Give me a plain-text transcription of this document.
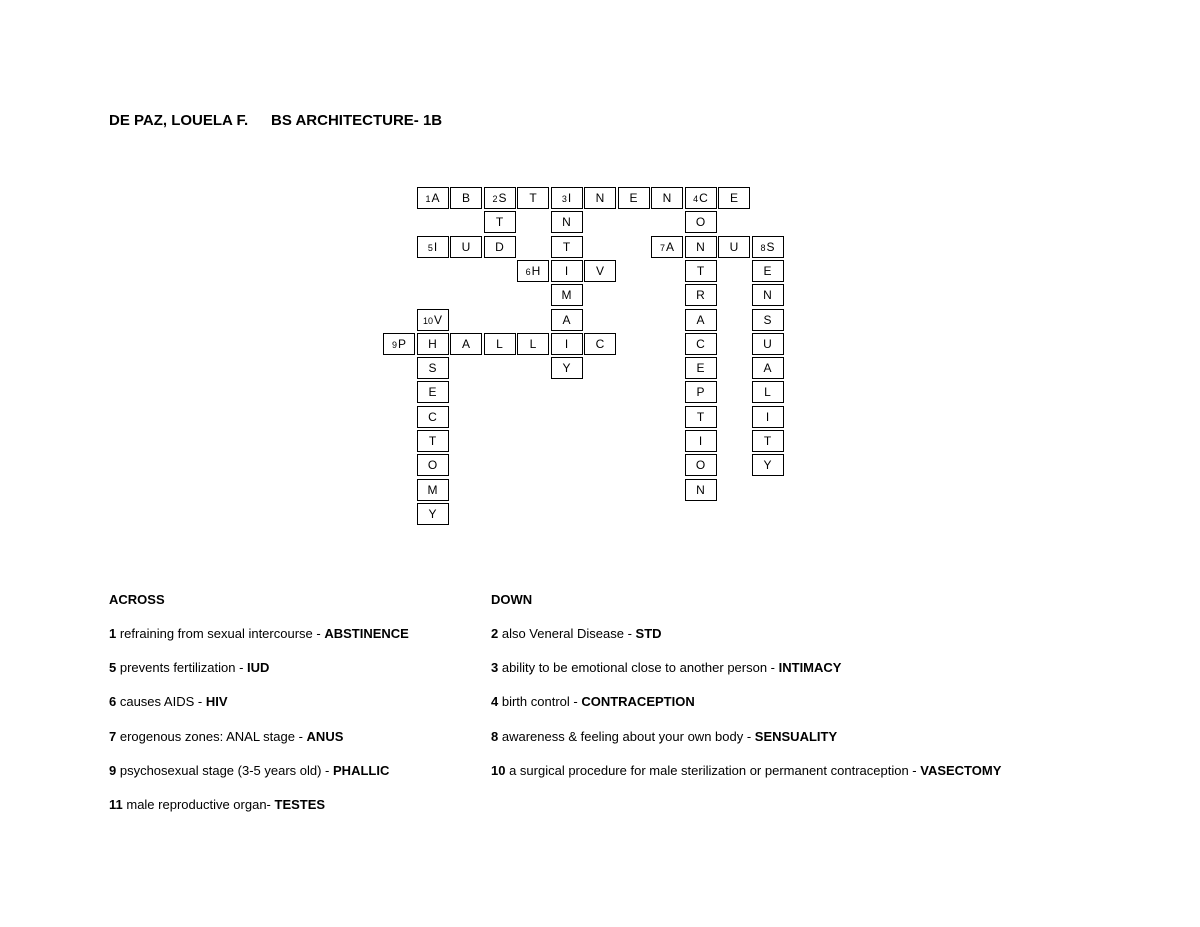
DE PAZ, LOUELA F. BS ARCHITECTURE- 1B
1A	B	2S	T	3I	N	E	N	4C	E
T	N	O
5I	U	D	T	7A	N	U	8S
6H	I	V	T	E
M	R	N
10V	A	A	S
9P	H	A	L	L	I	C	C	U
S	Y	E	A
E	P	L
C	T	I
T	I	T
O	O	Y
M	N
Y
ACROSS	DOWN
1 refraining from sexual intercourse - ABSTINENCE
5 prevents fertilization - IUD
6 causes AIDS - HIV
7 erogenous zones: ANAL stage - ANUS
9 psychosexual stage (3-5 years old) - PHALLIC
11 male reproductive organ- TESTES
2 also Veneral Disease - STD
3 ability to be emotional close to another person - INTIMACY
4 birth control - CONTRACEPTION
8 awareness & feeling about your own body - SENSUALITY
10 a surgical procedure for male sterilization or permanent contraception - VASECTOMY
